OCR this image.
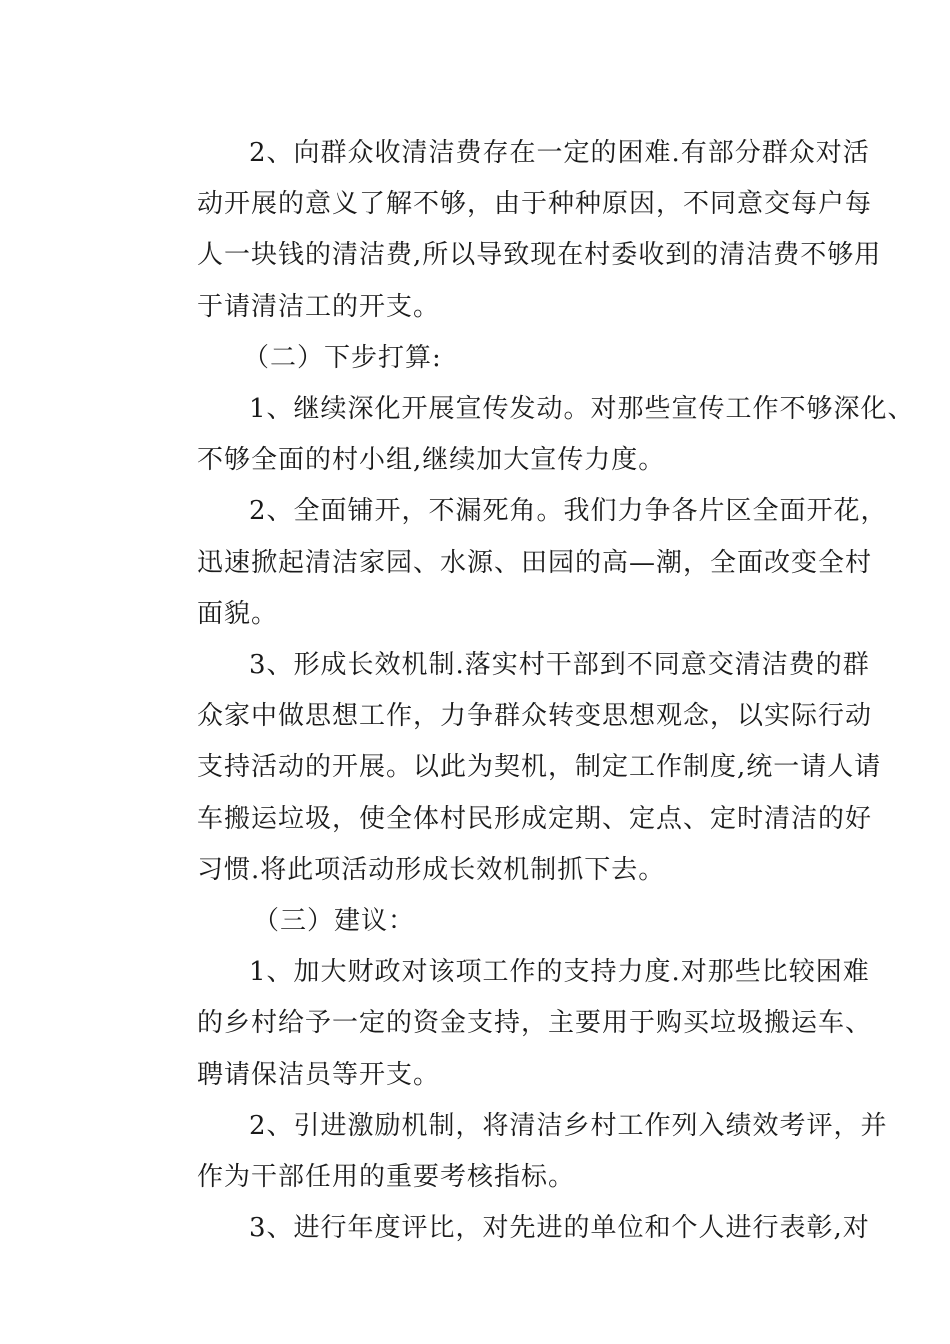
2、向群众收清洁费存在一定的困难.有部分群众对活
动开展的意义了解不够，由于种种原因，不同意交每户每
人一块钱的清洁费,所以导致现在村委收到的清洁费不够用
于请清洁工的开支。

（二）下步打算:

1、继续深化开展宣传发动。对那些宣传工作不够深化、
不够全面的村小组,继续加大宣传力度。

2、全面铺开，不漏死角。我们力争各片区全面开花，
迅速掀起清洁家园、水源、田园的高—潮，全面改变全村
面貌。

3、形成长效机制.落实村干部到不同意交清洁费的群
众家中做思想工作，力争群众转变思想观念，以实际行动
支持活动的开展。以此为契机，制定工作制度,统一请人请
车搬运垃圾，使全体村民形成定期、定点、定时清洁的好
习惯.将此项活动形成长效机制抓下去。

（三）建议：

1、加大财政对该项工作的支持力度.对那些比较困难
的乡村给予一定的资金支持，主要用于购买垃圾搬运车、
聘请保洁员等开支。

2、引进激励机制，将清洁乡村工作列入绩效考评，并
作为干部任用的重要考核指标。

3、进行年度评比，对先进的单位和个人进行表彰,对
